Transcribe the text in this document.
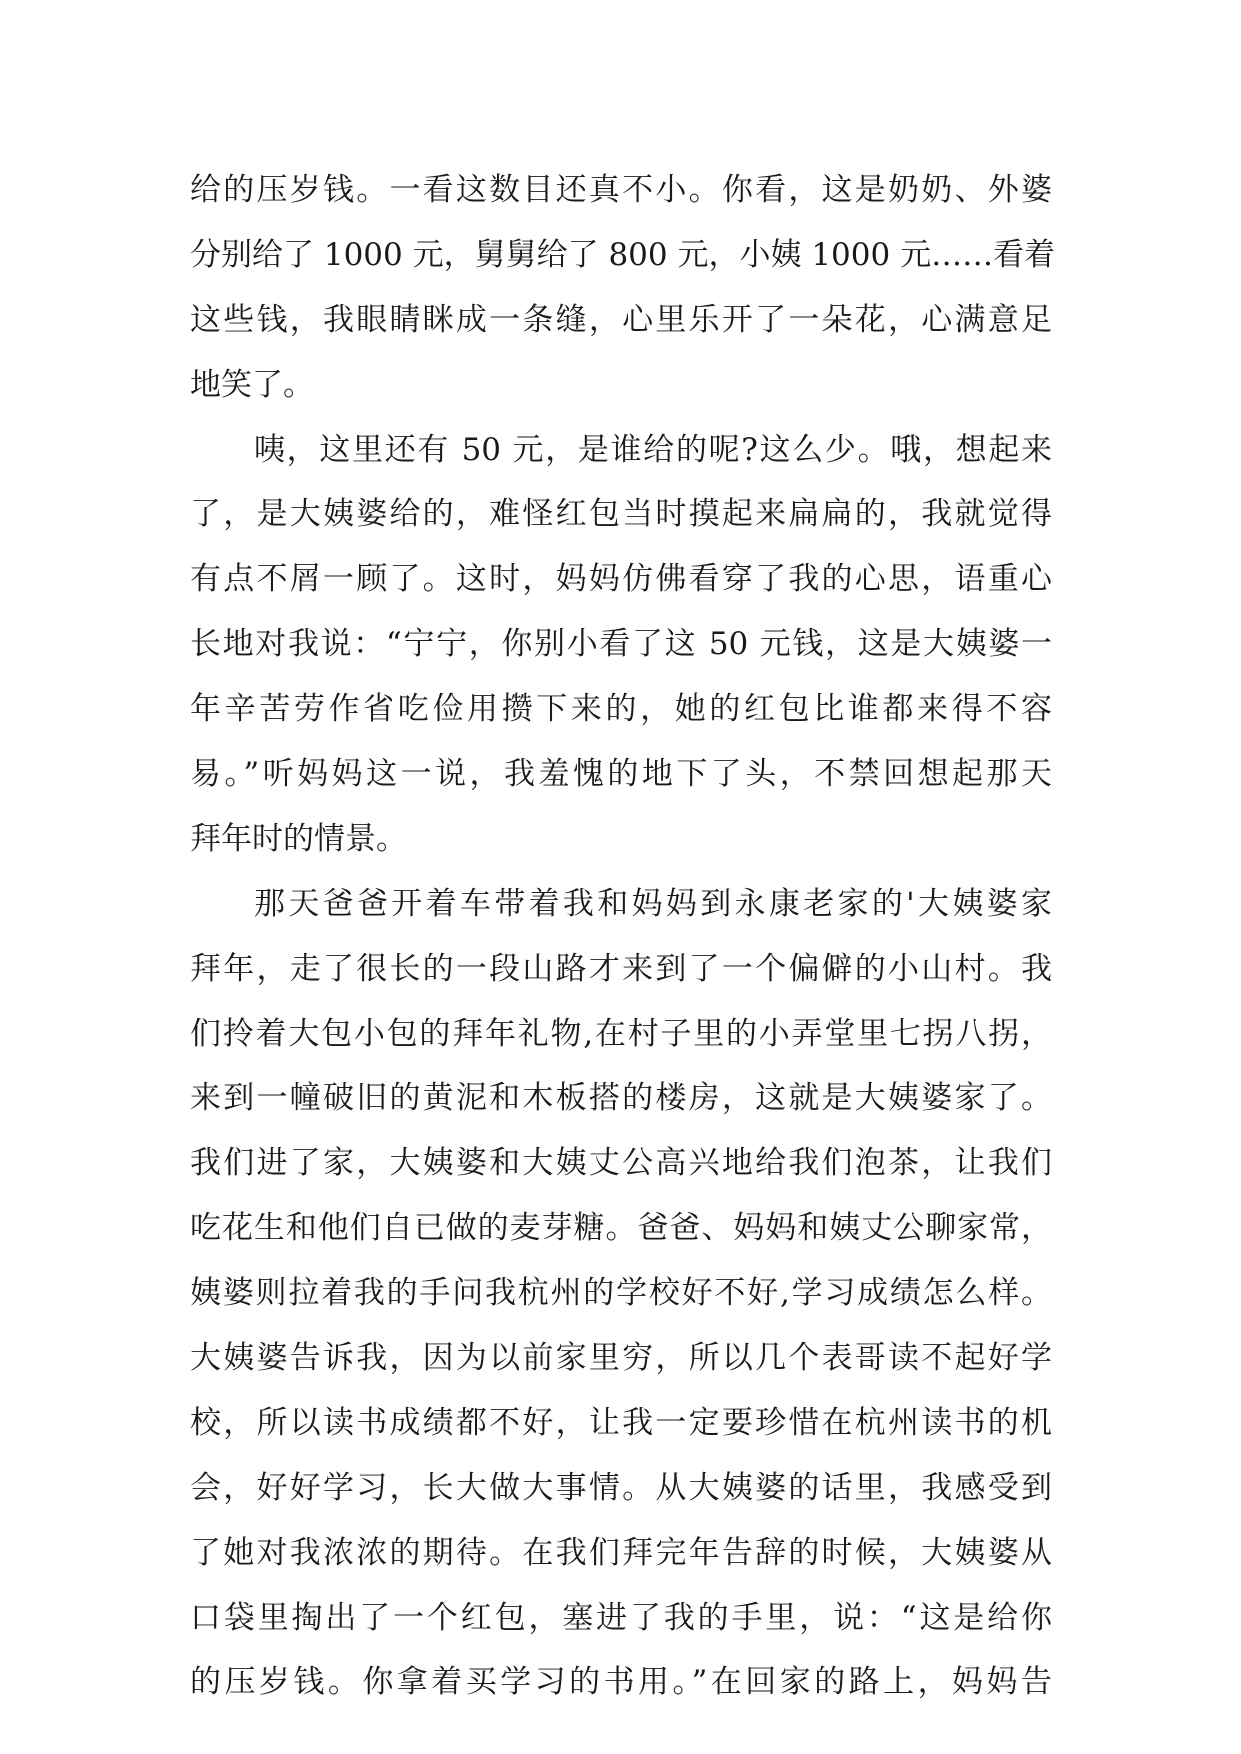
给的压岁钱。一看这数目还真不小。你看，这是奶奶、外婆
分别给了 1000 元，舅舅给了 800 元，小姨 1000 元……看着
这些钱，我眼睛眯成一条缝，心里乐开了一朵花，心满意足
地笑了。
咦，这里还有 50 元，是谁给的呢?这么少。哦，想起来
了，是大姨婆给的，难怪红包当时摸起来扁扁的，我就觉得
有点不屑一顾了。这时，妈妈仿佛看穿了我的心思，语重心
长地对我说：“宁宁，你别小看了这 50 元钱，这是大姨婆一
年辛苦劳作省吃俭用攒下来的，她的红包比谁都来得不容
易。”听妈妈这一说，我羞愧的地下了头，不禁回想起那天
拜年时的情景。
那天爸爸开着车带着我和妈妈到永康老家的'大姨婆家
拜年，走了很长的一段山路才来到了一个偏僻的小山村。我
们拎着大包小包的拜年礼物,在村子里的小弄堂里七拐八拐，
来到一幢破旧的黄泥和木板搭的楼房，这就是大姨婆家了。
我们进了家，大姨婆和大姨丈公高兴地给我们泡茶，让我们
吃花生和他们自已做的麦芽糖。爸爸、妈妈和姨丈公聊家常，
姨婆则拉着我的手问我杭州的学校好不好,学习成绩怎么样。
大姨婆告诉我，因为以前家里穷，所以几个表哥读不起好学
校，所以读书成绩都不好，让我一定要珍惜在杭州读书的机
会，好好学习，长大做大事情。从大姨婆的话里，我感受到
了她对我浓浓的期待。在我们拜完年告辞的时候，大姨婆从
口袋里掏出了一个红包，塞进了我的手里，说：“这是给你
的压岁钱。你拿着买学习的书用。”在回家的路上，妈妈告
